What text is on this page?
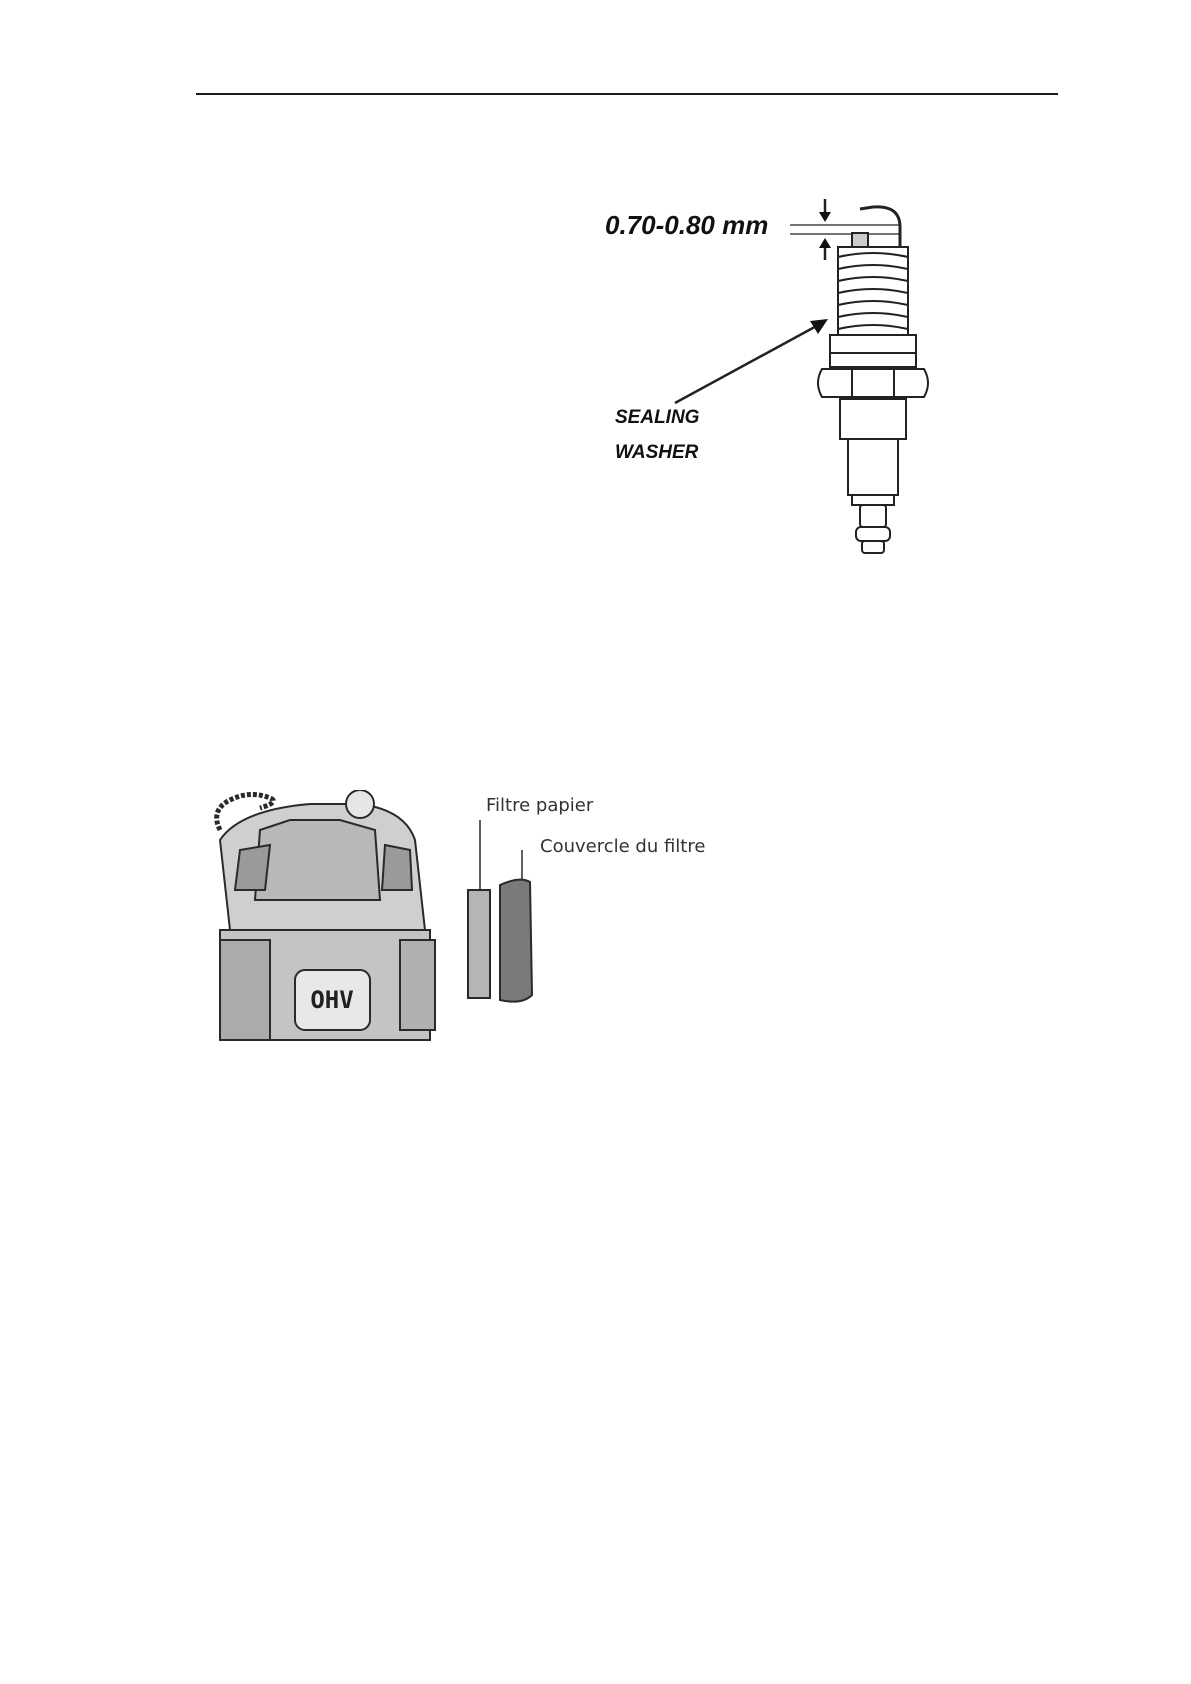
0.70-0.80 mm
SEALING
WASHER
OHV
Filtre papier
Couvercle du filtre
